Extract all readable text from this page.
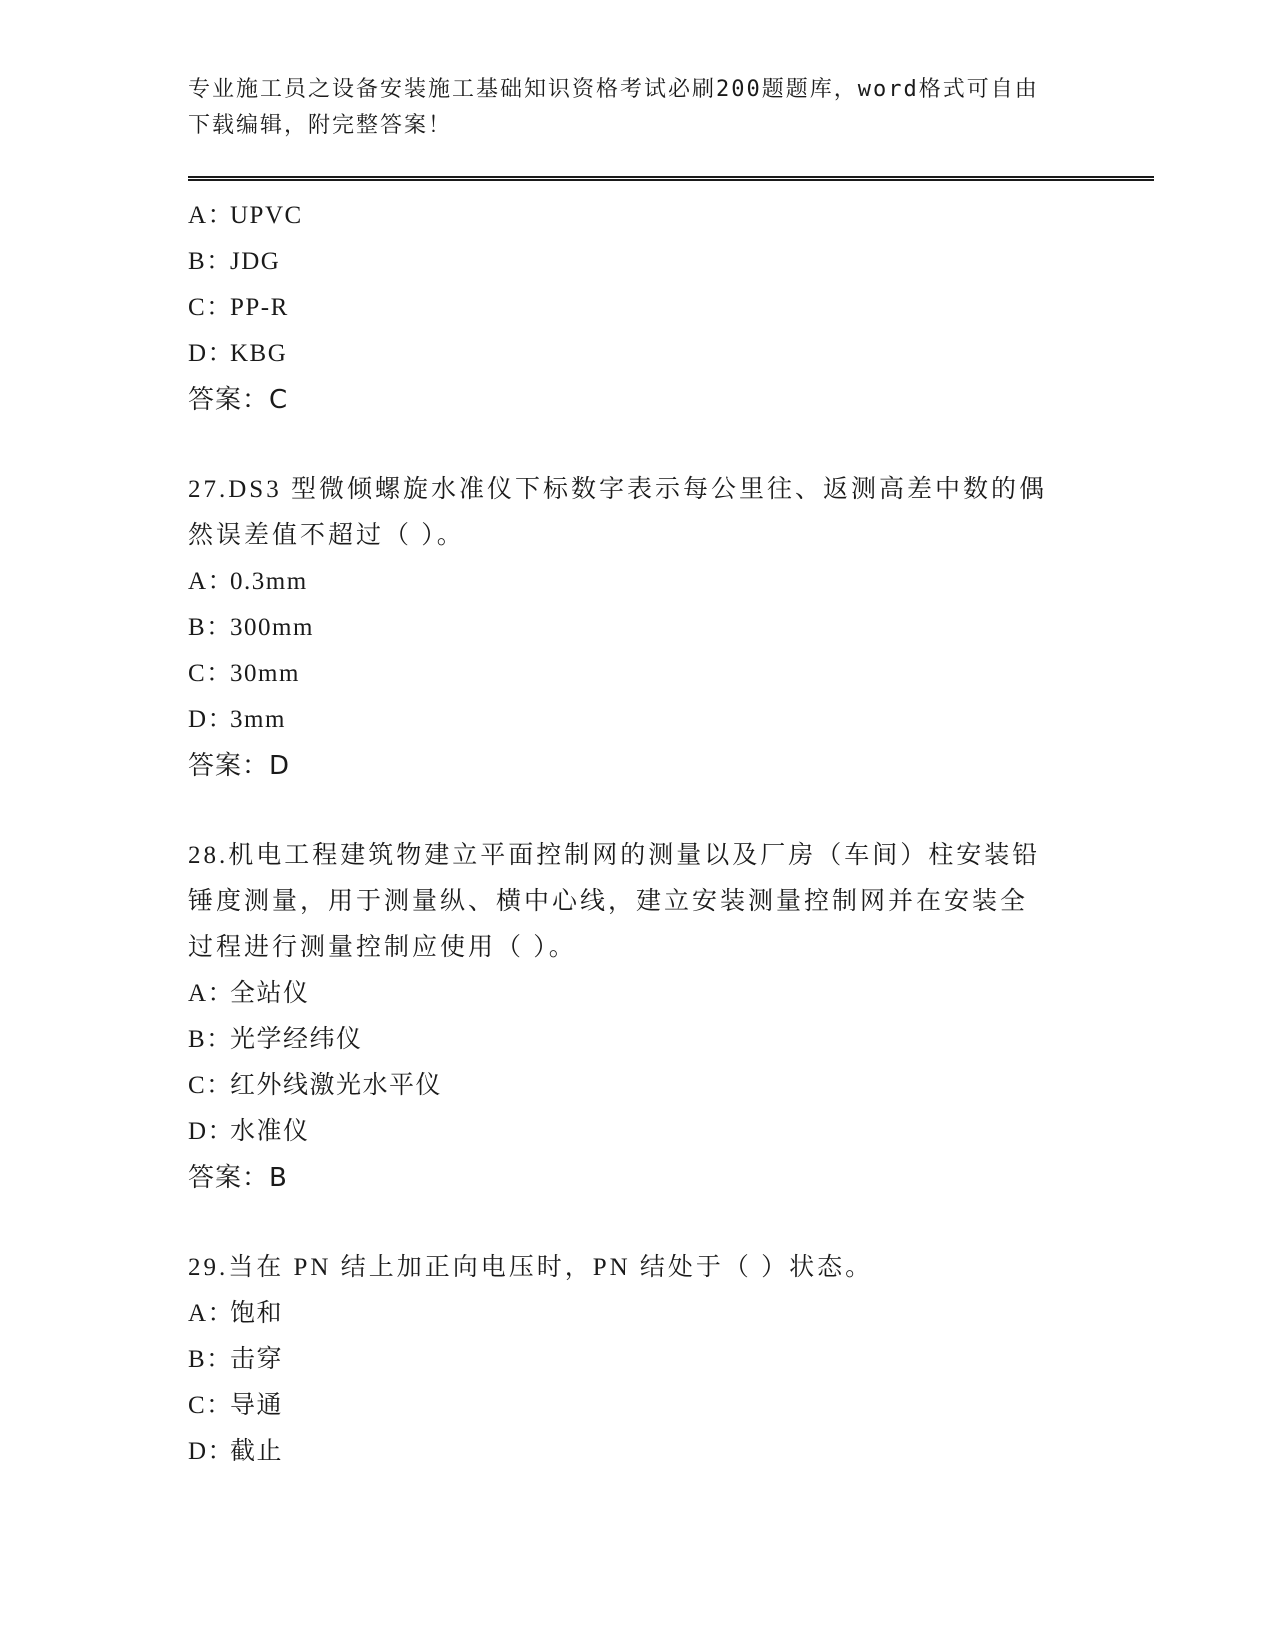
专业施工员之设备安装施工基础知识资格考试必刷200题题库，word格式可自由
下载编辑，附完整答案！
A：UPVC
B：JDG
C：PP-R
D：KBG
答案：C
27.DS3 型微倾螺旋水准仪下标数字表示每公里往、返测高差中数的偶
然误差值不超过（ ）。
A：0.3mm
B：300mm
C：30mm
D：3mm
答案：D
28.机电工程建筑物建立平面控制网的测量以及厂房（车间）柱安装铅
锤度测量，用于测量纵、横中心线，建立安装测量控制网并在安装全
过程进行测量控制应使用（ ）。
A：全站仪
B：光学经纬仪
C：红外线激光水平仪
D：水准仪
答案：B
29.当在 PN 结上加正向电压时，PN 结处于（ ）状态。
A：饱和
B：击穿
C：导通
D：截止
